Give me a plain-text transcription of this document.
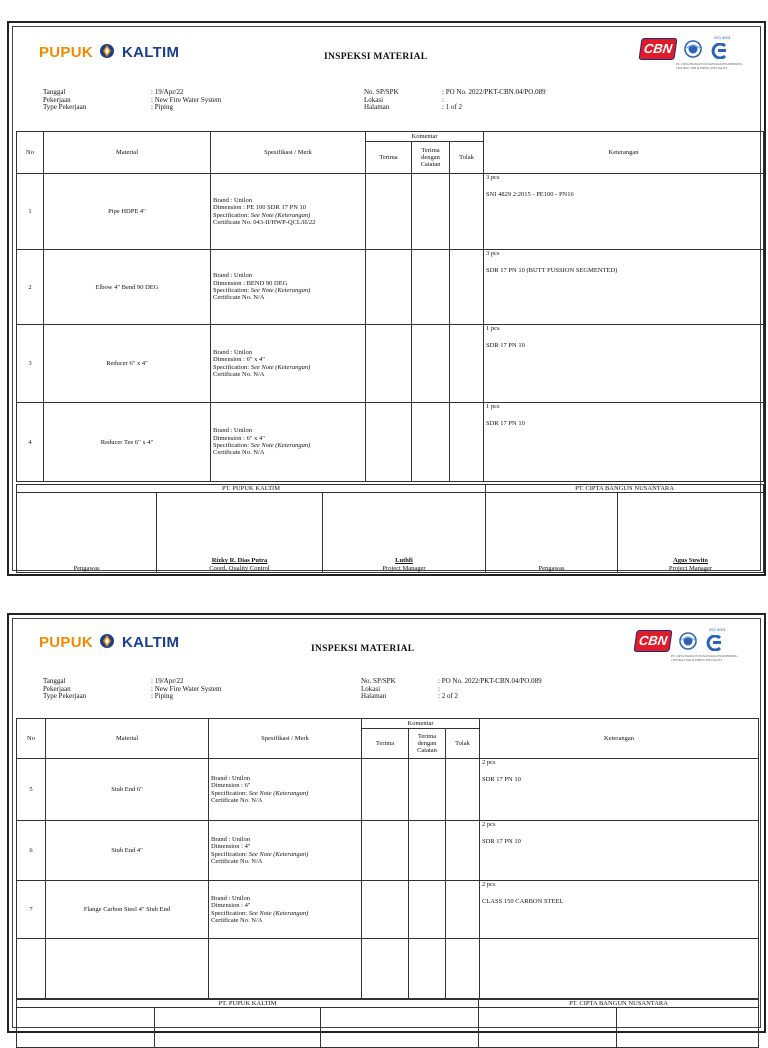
PUPUK KALTIM	INSPEKSI MATERIAL
CBN
ISO 9001
PT. CIPTA BANGUN NUSANTARA ENGINEERING CONTRACTOR & PIPING SPECIALIST
Tanggal	: 19/Apr/22
Pekerjaan	: New Fire Water System
Type Pekerjaan	: Piping
No. SP/SPK	: PO No. 2022/PKT-CBN.04/PO.089
Lokasi	:
Halaman	: 1 of 2
No	Material	Spesifikasi / Merk	Komentar			Keterangan
			Terima	Terima
dengan
Catatan	Tolak	
1	Pipe HDPE 4"	Brand : Unilon
Dimension : PE 100 SDR 17 PN 10
Specification: See Note (Keterangan)
Certificate No. 043-II/HWP-QCL/II/22				3 pcs
SNI 4829 2:2015 - PE100 - PN16

2	Elbow 4" Bend 90 DEG	Brand : Unilon
Dimension : BEND 90 DEG
Specification: See Note (Keterangan)
Certificate No. N/A				3 pcs
SDR 17 PN 10 (BUTT FUSSION SEGMENTED)

3	Reducer 6" x 4"	Brand : Unilon
Dimension : 6" x 4"
Specification: See Note (Keterangan)
Certificate No. N/A				1 pcs
SDR 17 PN 10

4	Reducer Tee 6" x 4"	Brand : Unilon
Dimension : 6" x 4"
Specification: See Note (Keterangan)
Certificate No. N/A				1 pcs
SDR 17 PN 10
PT. PUPUK KALTIM			PT. CIPTA BANGUN NUSANTARA	
Pengawas	Rizky R. Dias Putra
Coord. Quality Control	Luthfi
Project Manager	Pengawas	Agus Suwito
Project Manager
PUPUK KALTIM	INSPEKSI MATERIAL
CBN
ISO 9001
PT. CIPTA BANGUN NUSANTARA ENGINEERING CONTRACTOR & PIPING SPECIALIST
Tanggal	: 19/Apr/22
Pekerjaan	: New Fire Water System
Type Pekerjaan	: Piping
No. SP/SPK	: PO No. 2022/PKT-CBN.04/PO.089
Lokasi	:
Halaman	: 2 of 2
No	Material	Spesifikasi / Merk	Komentar			Keterangan
			Terima	Terima
dengan
Catatan	Tolak	
5	Stub End 6"	Brand : Unilon
Dimension : 6"
Specification: See Note (Keterangan)
Certificate No. N/A				2 pcs
SDR 17 PN 10

6	Stub End 4"	Brand : Unilon
Dimension : 4"
Specification: See Note (Keterangan)
Certificate No. N/A				2 pcs
SDR 17 PN 10

7	Flange Carbon Steel 4" Stub End	Brand : Unilon
Dimension : 4"
Specification: See Note (Keterangan)
Certificate No. N/A				2 pcs
CLASS 150 CARBON STEEL

PT. PUPUK KALTIM			PT. CIPTA BANGUN NUSANTARA	
